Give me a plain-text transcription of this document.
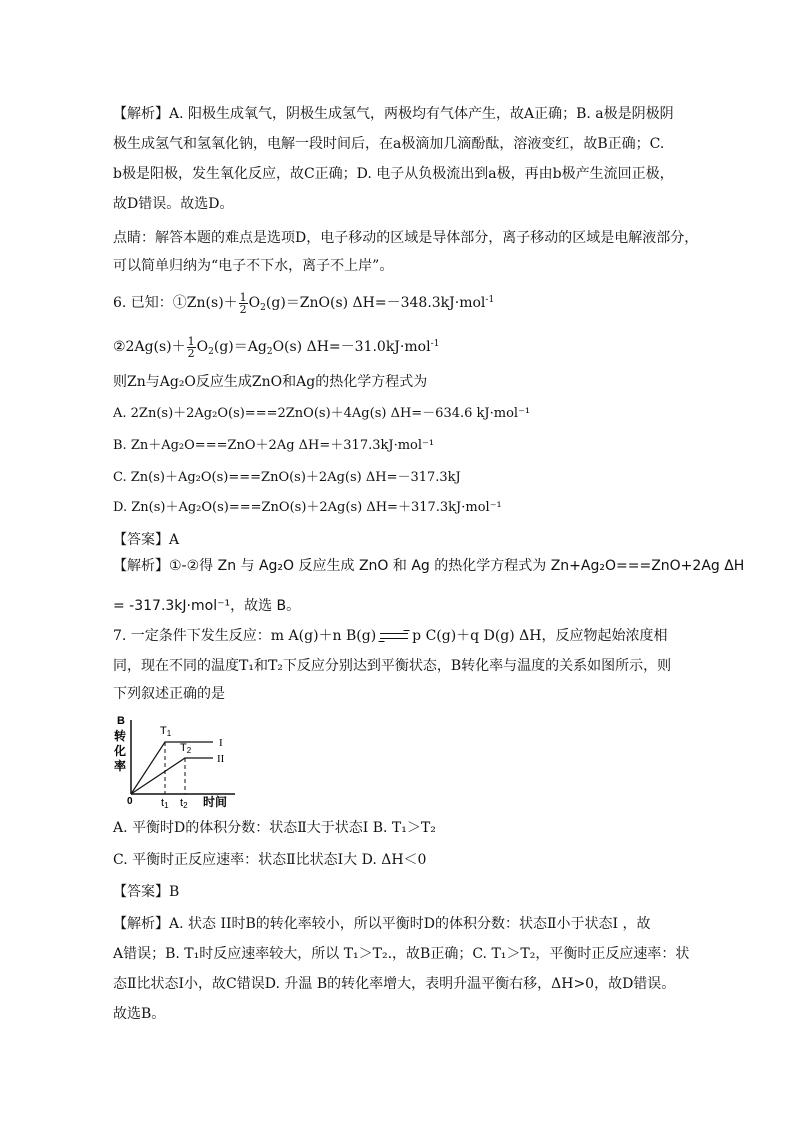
【解析】A. 阳极生成氧气，阴极生成氢气，两极均有气体产生，故A正确；B. a极是阴极阴
极生成氢气和氢氧化钠，电解一段时间后，在a极滴加几滴酚酞，溶液变红，故B正确；C.
b极是阳极，发生氧化反应，故C正确；D. 电子从负极流出到a极，再由b极产生流回正极，
故D错误。故选D。
点睛：解答本题的难点是选项D，电子移动的区域是导体部分，离子移动的区域是电解液部分，
可以简单归纳为“电子不下水，离子不上岸”。
6. 已知：①Zn(s)＋ $\frac{1}{2} O_2(g)=ZnO(s)$ ΔH=－348.3kJ·mol$^{-1}$
②2Ag(s)＋ $\frac{1}{2} O_2(g)=Ag_2O(s)$ ΔH=－31.0kJ·mol$^{-1}$
则Zn与Ag₂O反应生成ZnO和Ag的热化学方程式为
A. 2Zn(s)＋2Ag₂O(s)===2ZnO(s)＋4Ag(s) ΔH=－634.6 kJ·mol⁻¹
B. Zn＋Ag₂O===ZnO＋2Ag ΔH=＋317.3kJ·mol⁻¹
C. Zn(s)＋Ag₂O(s)===ZnO(s)＋2Ag(s) ΔH=－317.3kJ
D. Zn(s)＋Ag₂O(s)===ZnO(s)＋2Ag(s) ΔH=＋317.3kJ·mol⁻¹
【答案】A
【解析】①-②得 Zn 与 Ag₂O 反应生成 ZnO 和 Ag 的热化学方程式为 Zn+Ag₂O===ZnO+2Ag ΔH
= -317.3kJ·mol⁻¹，故选 B。
7. 一定条件下发生反应：m A(g)＋n B(g) → p C(g)＋q D(g) ΔH，反应物起始浓度相
同，现在不同的温度T₁和T₂下反应分别达到平衡状态，B转化率与温度的关系如图所示，则
下列叙述正确的是
B
转
化
率
0
T1
T2
I
II
t1 t2 时间
A. 平衡时D的体积分数：状态Ⅱ大于状态Ⅰ B. T₁＞T₂
C. 平衡时正反应速率：状态Ⅱ比状态Ⅰ大 D. ΔH＜0
【答案】B
【解析】A. 状态 II时B的转化率较小，所以平衡时D的体积分数：状态Ⅱ小于状态Ⅰ ，故
A错误；B. T₁时反应速率较大，所以 T₁＞T₂.，故B正确；C. T₁＞T₂，平衡时正反应速率：状
态Ⅱ比状态Ⅰ小，故C错误D. 升温 B的转化率增大，表明升温平衡右移，ΔH>0，故D错误。
故选B。
